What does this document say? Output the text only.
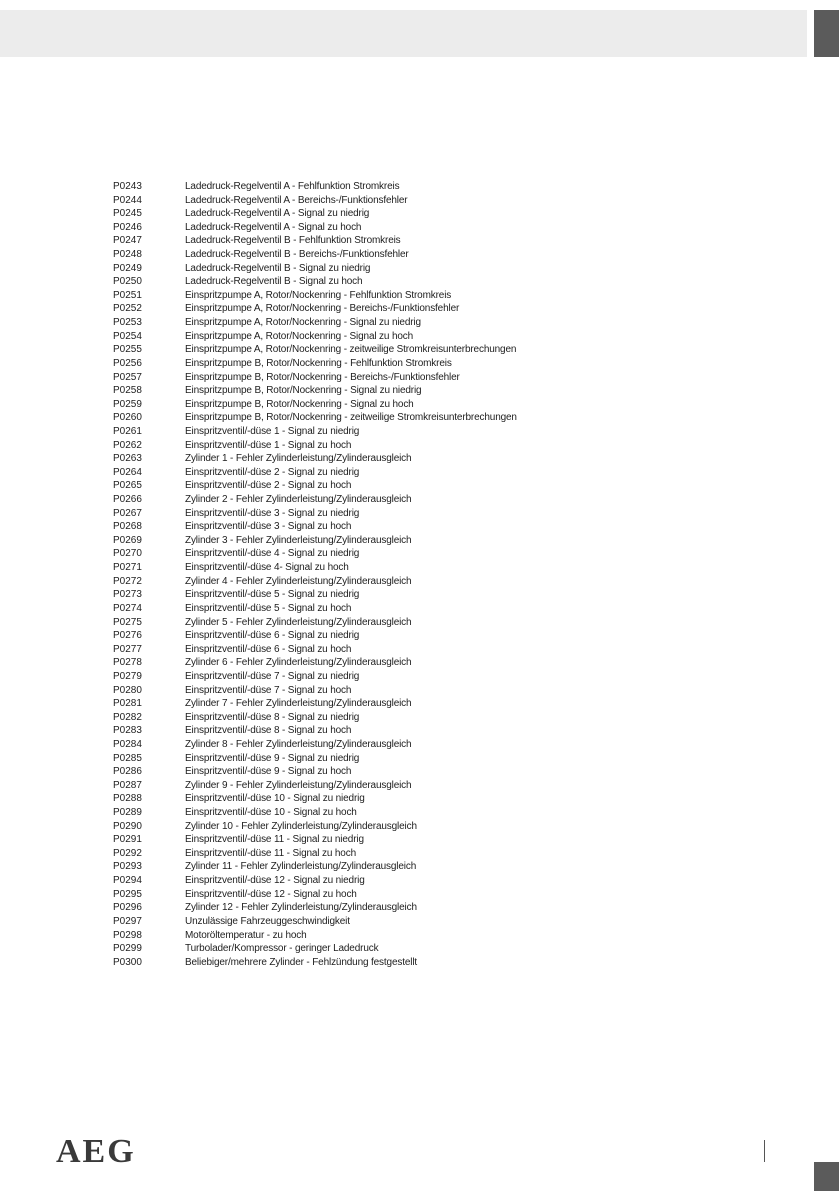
P0243	Ladedruck-Regelventil A - Fehlfunktion Stromkreis
P0244	Ladedruck-Regelventil A - Bereichs-/Funktionsfehler
P0245	Ladedruck-Regelventil A - Signal zu niedrig
P0246	Ladedruck-Regelventil A - Signal zu hoch
P0247	Ladedruck-Regelventil B - Fehlfunktion Stromkreis
P0248	Ladedruck-Regelventil B - Bereichs-/Funktionsfehler
P0249	Ladedruck-Regelventil B - Signal zu niedrig
P0250	Ladedruck-Regelventil B - Signal zu hoch
P0251	Einspritzpumpe A, Rotor/Nockenring - Fehlfunktion Stromkreis
P0252	Einspritzpumpe A, Rotor/Nockenring - Bereichs-/Funktionsfehler
P0253	Einspritzpumpe A, Rotor/Nockenring - Signal zu niedrig
P0254	Einspritzpumpe A, Rotor/Nockenring - Signal zu hoch
P0255	Einspritzpumpe A, Rotor/Nockenring - zeitweilige Stromkreisunterbrechungen
P0256	Einspritzpumpe B, Rotor/Nockenring - Fehlfunktion Stromkreis
P0257	Einspritzpumpe B, Rotor/Nockenring - Bereichs-/Funktionsfehler
P0258	Einspritzpumpe B, Rotor/Nockenring - Signal zu niedrig
P0259	Einspritzpumpe B, Rotor/Nockenring - Signal zu hoch
P0260	Einspritzpumpe B, Rotor/Nockenring - zeitweilige Stromkreisunterbrechungen
P0261	Einspritzventil/-düse 1 - Signal zu niedrig
P0262	Einspritzventil/-düse 1 - Signal zu hoch
P0263	Zylinder 1 - Fehler Zylinderleistung/Zylinderausgleich
P0264	Einspritzventil/-düse 2 - Signal zu niedrig
P0265	Einspritzventil/-düse 2 - Signal zu hoch
P0266	Zylinder 2 - Fehler Zylinderleistung/Zylinderausgleich
P0267	Einspritzventil/-düse 3 - Signal zu niedrig
P0268	Einspritzventil/-düse 3 - Signal zu hoch
P0269	Zylinder 3 - Fehler Zylinderleistung/Zylinderausgleich
P0270	Einspritzventil/-düse 4 - Signal zu niedrig
P0271	Einspritzventil/-düse 4- Signal zu hoch
P0272	Zylinder 4 - Fehler Zylinderleistung/Zylinderausgleich
P0273	Einspritzventil/-düse 5 - Signal zu niedrig
P0274	Einspritzventil/-düse 5 - Signal zu hoch
P0275	Zylinder 5 - Fehler Zylinderleistung/Zylinderausgleich
P0276	Einspritzventil/-düse 6 - Signal zu niedrig
P0277	Einspritzventil/-düse 6 - Signal zu hoch
P0278	Zylinder 6 - Fehler Zylinderleistung/Zylinderausgleich
P0279	Einspritzventil/-düse 7 - Signal zu niedrig
P0280	Einspritzventil/-düse 7 - Signal zu hoch
P0281	Zylinder 7 - Fehler Zylinderleistung/Zylinderausgleich
P0282	Einspritzventil/-düse 8 - Signal zu niedrig
P0283	Einspritzventil/-düse 8 - Signal zu hoch
P0284	Zylinder 8 - Fehler Zylinderleistung/Zylinderausgleich
P0285	Einspritzventil/-düse 9 - Signal zu niedrig
P0286	Einspritzventil/-düse 9 - Signal zu hoch
P0287	Zylinder 9 - Fehler Zylinderleistung/Zylinderausgleich
P0288	Einspritzventil/-düse 10 - Signal zu niedrig
P0289	Einspritzventil/-düse 10 - Signal zu hoch
P0290	Zylinder 10 - Fehler Zylinderleistung/Zylinderausgleich
P0291	Einspritzventil/-düse 11 - Signal zu niedrig
P0292	Einspritzventil/-düse 11 - Signal zu hoch
P0293	Zylinder 11 - Fehler Zylinderleistung/Zylinderausgleich
P0294	Einspritzventil/-düse 12 - Signal zu niedrig
P0295	Einspritzventil/-düse 12 - Signal zu hoch
P0296	Zylinder 12 - Fehler Zylinderleistung/Zylinderausgleich
P0297	Unzulässige Fahrzeuggeschwindigkeit
P0298	Motoröltemperatur - zu hoch
P0299	Turbolader/Kompressor - geringer Ladedruck
P0300	Beliebiger/mehrere Zylinder - Fehlzündung festgestellt
AEG
